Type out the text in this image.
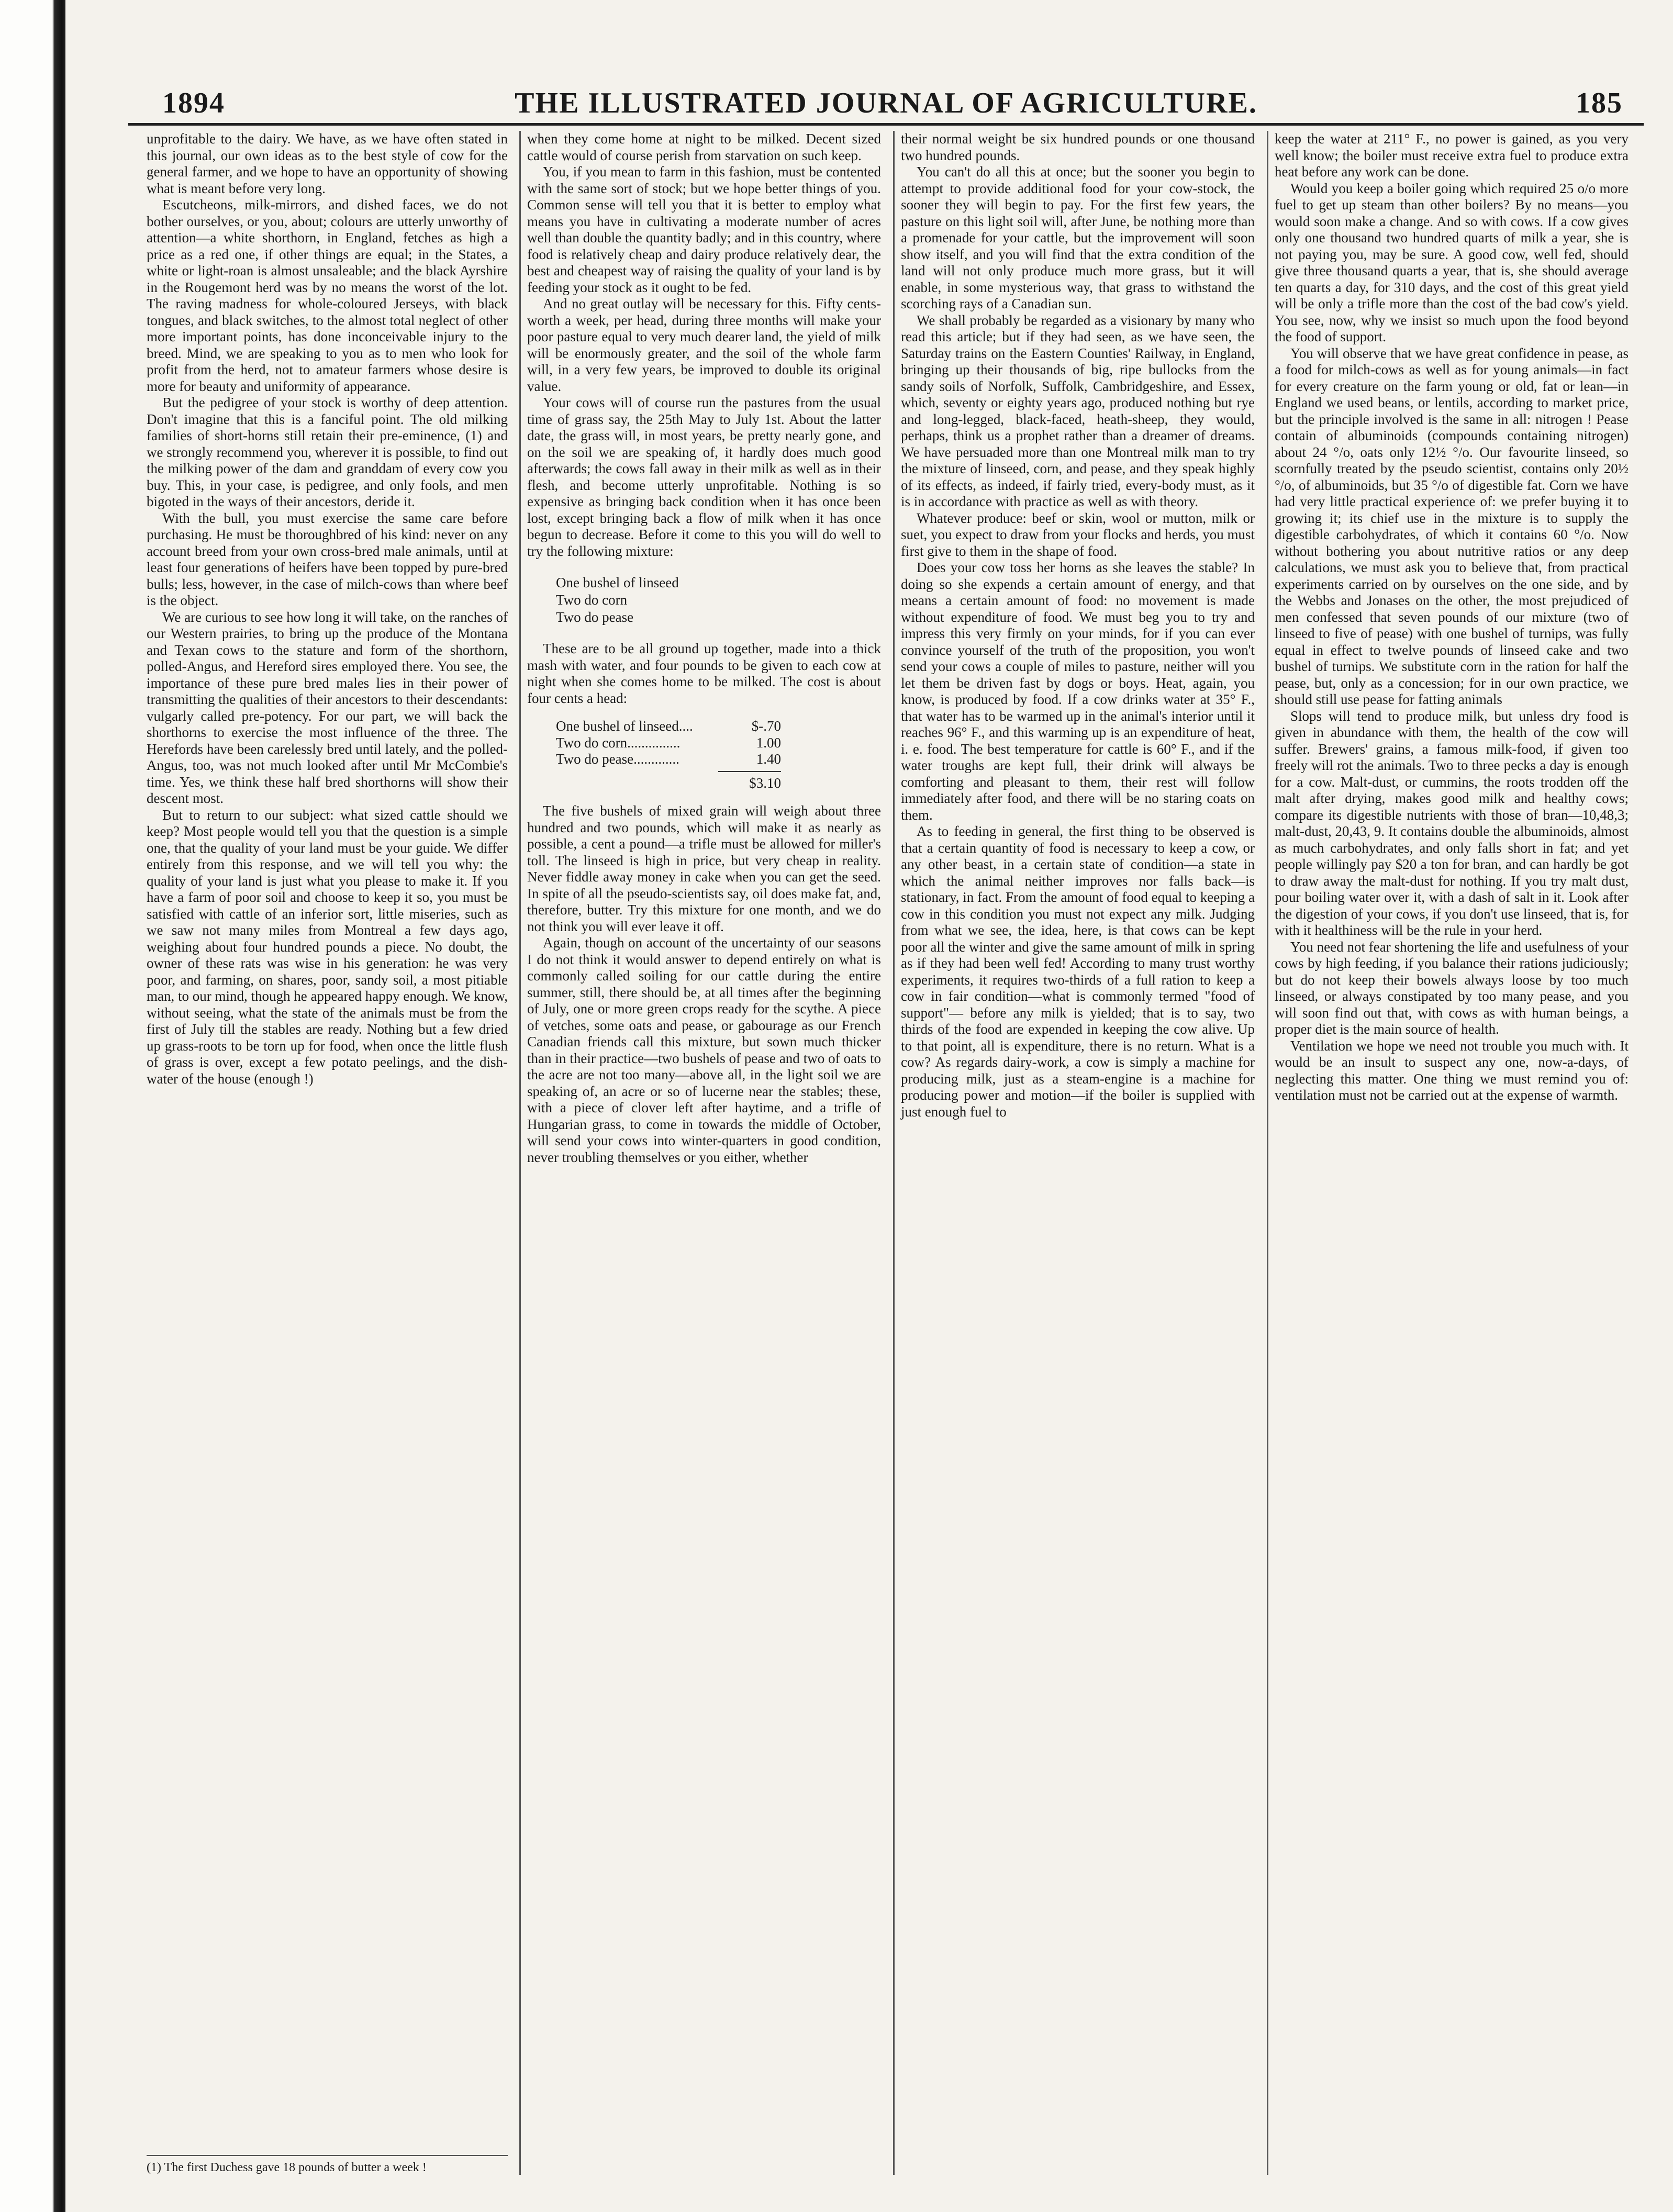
1894	THE ILLUSTRATED JOURNAL OF AGRICULTURE.	185

unprofitable to the dairy. We have, as we have often stated in this journal, our own ideas as to the best style of cow for the general farmer, and we hope to have an opportunity of showing what is meant before very long.

Escutcheons, milk-mirrors, and dished faces, we do not bother ourselves, or you, about; colours are utterly unworthy of attention—a white shorthorn, in England, fetches as high a price as a red one, if other things are equal; in the States, a white or light-roan is almost unsaleable; and the black Ayrshire in the Rougemont herd was by no means the worst of the lot. The raving madness for whole-coloured Jerseys, with black tongues, and black switches, to the almost total neglect of other more important points, has done inconceivable injury to the breed. Mind, we are speaking to you as to men who look for profit from the herd, not to amateur farmers whose desire is more for beauty and uniformity of appearance.

But the pedigree of your stock is worthy of deep attention. Don't imagine that this is a fanciful point. The old milking families of short-horns still retain their pre-eminence, (1) and we strongly recommend you, wherever it is possible, to find out the milking power of the dam and granddam of every cow you buy. This, in your case, is pedigree, and only fools, and men bigoted in the ways of their ancestors, deride it.

With the bull, you must exercise the same care before purchasing. He must be thoroughbred of his kind: never on any account breed from your own cross-bred male animals, until at least four generations of heifers have been topped by pure-bred bulls; less, however, in the case of milch-cows than where beef is the object.

We are curious to see how long it will take, on the ranches of our Western prairies, to bring up the produce of the Montana and Texan cows to the stature and form of the shorthorn, polled-Angus, and Hereford sires employed there. You see, the importance of these pure bred males lies in their power of transmitting the qualities of their ancestors to their descendants: vulgarly called pre-potency. For our part, we will back the shorthorns to exercise the most influence of the three. The Herefords have been carelessly bred until lately, and the polled-Angus, too, was not much looked after until Mr McCombie's time. Yes, we think these half bred shorthorns will show their descent most.

But to return to our subject: what sized cattle should we keep? Most people would tell you that the question is a simple one, that the quality of your land must be your guide. We differ entirely from this response, and we will tell you why: the quality of your land is just what you please to make it. If you have a farm of poor soil and choose to keep it so, you must be satisfied with cattle of an inferior sort, little miseries, such as we saw not many miles from Montreal a few days ago, weighing about four hundred pounds a piece. No doubt, the owner of these rats was wise in his generation: he was very poor, and farming, on shares, poor, sandy soil, a most pitiable man, to our mind, though he appeared happy enough. We know, without seeing, what the state of the animals must be from the first of July till the stables are ready. Nothing but a few dried up grass-roots to be torn up for food, when once the little flush of grass is over, except a few potato peelings, and the dish-water of the house (enough !)

(1) The first Duchess gave 18 pounds of butter a week !

when they come home at night to be milked. Decent sized cattle would of course perish from starvation on such keep.

You, if you mean to farm in this fashion, must be contented with the same sort of stock; but we hope better things of you. Common sense will tell you that it is better to employ what means you have in cultivating a moderate number of acres well than double the quantity badly; and in this country, where food is relatively cheap and dairy produce relatively dear, the best and cheapest way of raising the quality of your land is by feeding your stock as it ought to be fed.

And no great outlay will be necessary for this. Fifty cents-worth a week, per head, during three months will make your poor pasture equal to very much dearer land, the yield of milk will be enormously greater, and the soil of the whole farm will, in a very few years, be improved to double its original value.

Your cows will of course run the pastures from the usual time of grass say, the 25th May to July 1st. About the latter date, the grass will, in most years, be pretty nearly gone, and on the soil we are speaking of, it hardly does much good afterwards; the cows fall away in their milk as well as in their flesh, and become utterly unprofitable. Nothing is so expensive as bringing back condition when it has once been lost, except bringing back a flow of milk when it has once begun to decrease. Before it come to this you will do well to try the following mixture:

One bushel of linseed
Two do corn
Two do pease

These are to be all ground up together, made into a thick mash with water, and four pounds to be given to each cow at night when she comes home to be milked. The cost is about four cents a head:

One bushel of linseed....	$-.70
Two do corn...............	1.00
Two do pease.............	1.40
$3.10

The five bushels of mixed grain will weigh about three hundred and two pounds, which will make it as nearly as possible, a cent a pound—a trifle must be allowed for miller's toll. The linseed is high in price, but very cheap in reality. Never fiddle away money in cake when you can get the seed. In spite of all the pseudo-scientists say, oil does make fat, and, therefore, butter. Try this mixture for one month, and we do not think you will ever leave it off.

Again, though on account of the uncertainty of our seasons I do not think it would answer to depend entirely on what is commonly called soiling for our cattle during the entire summer, still, there should be, at all times after the beginning of July, one or more green crops ready for the scythe. A piece of vetches, some oats and pease, or gabourage as our French Canadian friends call this mixture, but sown much thicker than in their practice—two bushels of pease and two of oats to the acre are not too many—above all, in the light soil we are speaking of, an acre or so of lucerne near the stables; these, with a piece of clover left after haytime, and a trifle of Hungarian grass, to come in towards the middle of October, will send your cows into winter-quarters in good condition, never troubling themselves or you either, whether

their normal weight be six hundred pounds or one thousand two hundred pounds.

You can't do all this at once; but the sooner you begin to attempt to provide additional food for your cow-stock, the sooner they will begin to pay. For the first few years, the pasture on this light soil will, after June, be nothing more than a promenade for your cattle, but the improvement will soon show itself, and you will find that the extra condition of the land will not only produce much more grass, but it will enable, in some mysterious way, that grass to withstand the scorching rays of a Canadian sun.

We shall probably be regarded as a visionary by many who read this article; but if they had seen, as we have seen, the Saturday trains on the Eastern Counties' Railway, in England, bringing up their thousands of big, ripe bullocks from the sandy soils of Norfolk, Suffolk, Cambridgeshire, and Essex, which, seventy or eighty years ago, produced nothing but rye and long-legged, black-faced, heath-sheep, they would, perhaps, think us a prophet rather than a dreamer of dreams. We have persuaded more than one Montreal milk man to try the mixture of linseed, corn, and pease, and they speak highly of its effects, as indeed, if fairly tried, every-body must, as it is in accordance with practice as well as with theory.

Whatever produce: beef or skin, wool or mutton, milk or suet, you expect to draw from your flocks and herds, you must first give to them in the shape of food.

Does your cow toss her horns as she leaves the stable? In doing so she expends a certain amount of energy, and that means a certain amount of food: no movement is made without expenditure of food. We must beg you to try and impress this very firmly on your minds, for if you can ever convince yourself of the truth of the proposition, you won't send your cows a couple of miles to pasture, neither will you let them be driven fast by dogs or boys. Heat, again, you know, is produced by food. If a cow drinks water at 35° F., that water has to be warmed up in the animal's interior until it reaches 96° F., and this warming up is an expenditure of heat, i. e. food. The best temperature for cattle is 60° F., and if the water troughs are kept full, their drink will always be comforting and pleasant to them, their rest will follow immediately after food, and there will be no staring coats on them.

As to feeding in general, the first thing to be observed is that a certain quantity of food is necessary to keep a cow, or any other beast, in a certain state of condition—a state in which the animal neither improves nor falls back—is stationary, in fact. From the amount of food equal to keeping a cow in this condition you must not expect any milk. Judging from what we see, the idea, here, is that cows can be kept poor all the winter and give the same amount of milk in spring as if they had been well fed! According to many trust worthy experiments, it requires two-thirds of a full ration to keep a cow in fair condition—what is commonly termed "food of support"— before any milk is yielded; that is to say, two thirds of the food are expended in keeping the cow alive. Up to that point, all is expenditure, there is no return. What is a cow? As regards dairy-work, a cow is simply a machine for producing milk, just as a steam-engine is a machine for producing power and motion—if the boiler is supplied with just enough fuel to

keep the water at 211° F., no power is gained, as you very well know; the boiler must receive extra fuel to produce extra heat before any work can be done.

Would you keep a boiler going which required 25 o/o more fuel to get up steam than other boilers? By no means—you would soon make a change. And so with cows. If a cow gives only one thousand two hundred quarts of milk a year, she is not paying you, may be sure. A good cow, well fed, should give three thousand quarts a year, that is, she should average ten quarts a day, for 310 days, and the cost of this great yield will be only a trifle more than the cost of the bad cow's yield. You see, now, why we insist so much upon the food beyond the food of support.

You will observe that we have great confidence in pease, as a food for milch-cows as well as for young animals—in fact for every creature on the farm young or old, fat or lean—in England we used beans, or lentils, according to market price, but the principle involved is the same in all: nitrogen ! Pease contain of albuminoids (compounds containing nitrogen) about 24 °/o, oats only 12½ °/o. Our favourite linseed, so scornfully treated by the pseudo scientist, contains only 20½ °/o, of albuminoids, but 35 °/o of digestible fat. Corn we have had very little practical experience of: we prefer buying it to growing it; its chief use in the mixture is to supply the digestible carbohydrates, of which it contains 60 °/o. Now without bothering you about nutritive ratios or any deep calculations, we must ask you to believe that, from practical experiments carried on by ourselves on the one side, and by the Webbs and Jonases on the other, the most prejudiced of men confessed that seven pounds of our mixture (two of linseed to five of pease) with one bushel of turnips, was fully equal in effect to twelve pounds of linseed cake and two bushel of turnips. We substitute corn in the ration for half the pease, but, only as a concession; for in our own practice, we should still use pease for fatting animals

Slops will tend to produce milk, but unless dry food is given in abundance with them, the health of the cow will suffer. Brewers' grains, a famous milk-food, if given too freely will rot the animals. Two to three pecks a day is enough for a cow. Malt-dust, or cummins, the roots trodden off the malt after drying, makes good milk and healthy cows; compare its digestible nutrients with those of bran—10,48,3; malt-dust, 20,43, 9. It contains double the albuminoids, almost as much carbohydrates, and only falls short in fat; and yet people willingly pay $20 a ton for bran, and can hardly be got to draw away the malt-dust for nothing. If you try malt dust, pour boiling water over it, with a dash of salt in it. Look after the digestion of your cows, if you don't use linseed, that is, for with it healthiness will be the rule in your herd.

You need not fear shortening the life and usefulness of your cows by high feeding, if you balance their rations judiciously; but do not keep their bowels always loose by too much linseed, or always constipated by too many pease, and you will soon find out that, with cows as with human beings, a proper diet is the main source of health.

Ventilation we hope we need not trouble you much with. It would be an insult to suspect any one, now-a-days, of neglecting this matter. One thing we must remind you of: ventilation must not be carried out at the expense of warmth.
